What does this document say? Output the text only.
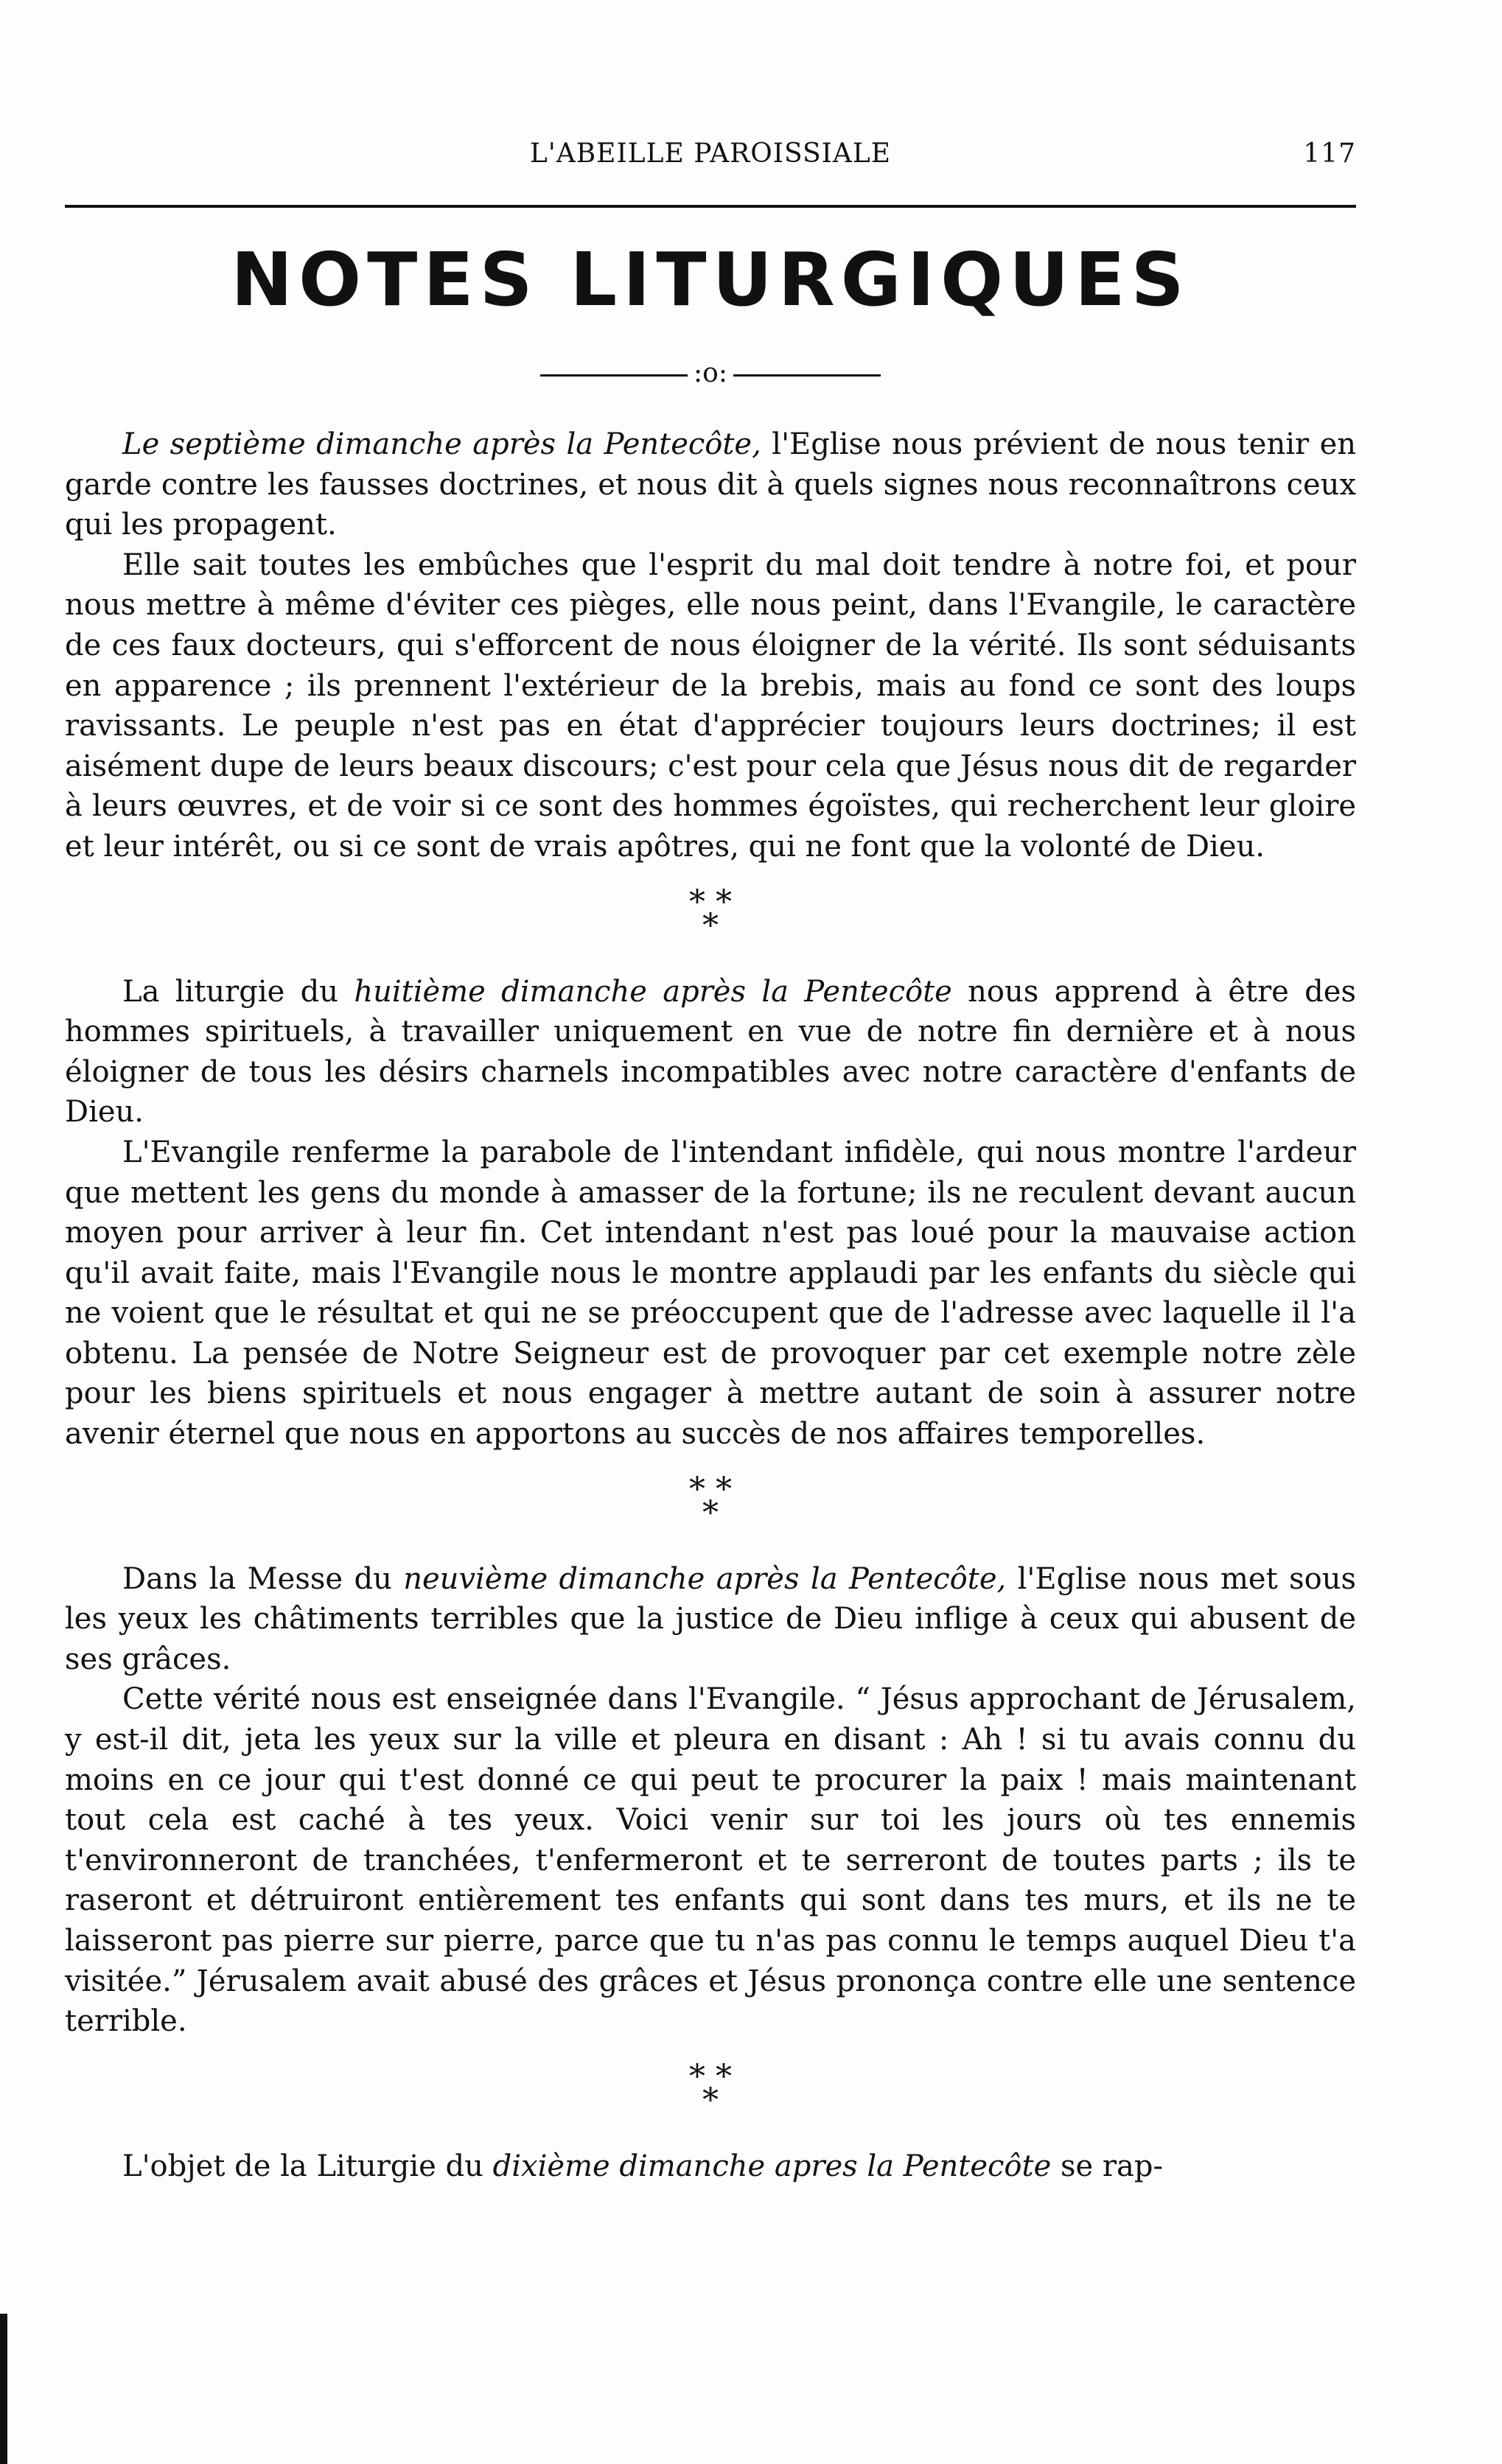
L'ABEILLE PAROISSIALE	117
NOTES LITURGIQUES
:o:

Le septième dimanche après la Pentecôte, l'Eglise nous prévient de nous tenir en garde contre les fausses doctrines, et nous dit à quels signes nous reconnaîtrons ceux qui les propagent.

Elle sait toutes les embûches que l'esprit du mal doit tendre à notre foi, et pour nous mettre à même d'éviter ces pièges, elle nous peint, dans l'Evangile, le caractère de ces faux docteurs, qui s'efforcent de nous éloigner de la vérité. Ils sont séduisants en apparence ; ils prennent l'extérieur de la brebis, mais au fond ce sont des loups ravissants. Le peuple n'est pas en état d'apprécier toujours leurs doctrines; il est aisément dupe de leurs beaux discours; c'est pour cela que Jésus nous dit de regarder à leurs œuvres, et de voir si ce sont des hommes égoïstes, qui recherchent leur gloire et leur intérêt, ou si ce sont de vrais apôtres, qui ne font que la volonté de Dieu.

* *
*

La liturgie du huitième dimanche après la Pentecôte nous apprend à être des hommes spirituels, à travailler uniquement en vue de notre fin dernière et à nous éloigner de tous les désirs charnels incompatibles avec notre caractère d'enfants de Dieu.

L'Evangile renferme la parabole de l'intendant infidèle, qui nous montre l'ardeur que mettent les gens du monde à amasser de la fortune; ils ne reculent devant aucun moyen pour arriver à leur fin. Cet intendant n'est pas loué pour la mauvaise action qu'il avait faite, mais l'Evangile nous le montre applaudi par les enfants du siècle qui ne voient que le résultat et qui ne se préoccupent que de l'adresse avec laquelle il l'a obtenu. La pensée de Notre Seigneur est de provoquer par cet exemple notre zèle pour les biens spirituels et nous engager à mettre autant de soin à assurer notre avenir éternel que nous en apportons au succès de nos affaires temporelles.

* *
*

Dans la Messe du neuvième dimanche après la Pentecôte, l'Eglise nous met sous les yeux les châtiments terribles que la justice de Dieu inflige à ceux qui abusent de ses grâces.

Cette vérité nous est enseignée dans l'Evangile. “ Jésus approchant de Jérusalem, y est-il dit, jeta les yeux sur la ville et pleura en disant : Ah ! si tu avais connu du moins en ce jour qui t'est donné ce qui peut te procurer la paix ! mais maintenant tout cela est caché à tes yeux. Voici venir sur toi les jours où tes ennemis t'environneront de tranchées, t'enfermeront et te serreront de toutes parts ; ils te raseront et détruiront entièrement tes enfants qui sont dans tes murs, et ils ne te laisseront pas pierre sur pierre, parce que tu n'as pas connu le temps auquel Dieu t'a visitée.” Jérusalem avait abusé des grâces et Jésus prononça contre elle une sentence terrible.

* *
*

L'objet de la Liturgie du dixième dimanche apres la Pentecôte se rap-
